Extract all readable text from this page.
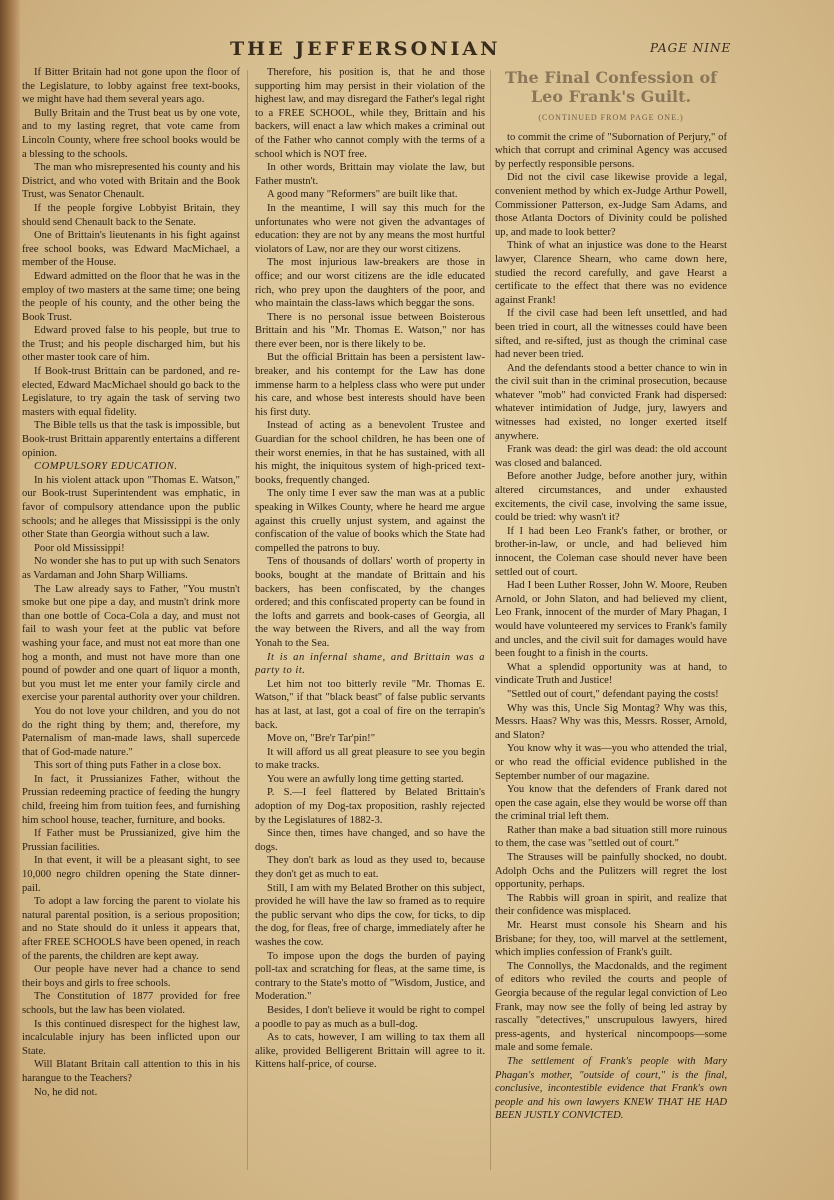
THE JEFFERSONIAN	PAGE NINE

If Bitter Britain had not gone upon the floor of the Legislature, to lobby against free text-books, we might have had them several years ago.

Bully Britain and the Trust beat us by one vote, and to my lasting regret, that vote came from Lincoln County, where free school books would be a blessing to the schools.

The man who misrepresented his county and his District, and who voted with Britain and the Book Trust, was Senator Chenault.

If the people forgive Lobbyist Britain, they should send Chenault back to the Senate.

One of Brittain's lieutenants in his fight against free school books, was Edward MacMichael, a member of the House.

Edward admitted on the floor that he was in the employ of two masters at the same time; one being the people of his county, and the other being the Book Trust.

Edward proved false to his people, but true to the Trust; and his people discharged him, but his other master took care of him.

If Book-trust Brittain can be pardoned, and re-elected, Edward MacMichael should go back to the Legislature, to try again the task of serving two masters with equal fidelity.

The Bible tells us that the task is impossible, but Book-trust Brittain apparently entertains a different opinion.

COMPULSORY EDUCATION.

In his violent attack upon "Thomas E. Watson," our Book-trust Superintendent was emphatic, in favor of compulsory attendance upon the public schools; and he alleges that Mississippi is the only other State than Georgia without such a law.

Poor old Mississippi!

No wonder she has to put up with such Senators as Vardaman and John Sharp Williams.

The Law already says to Father, "You mustn't smoke but one pipe a day, and mustn't drink more than one bottle of Coca-Cola a day, and must not fail to wash your feet at the public vat before washing your face, and must not eat more than one hog a month, and must not have more than one pound of powder and one quart of liquor a month, but you must let me enter your family circle and exercise your parental authority over your children.

You do not love your children, and you do not do the right thing by them; and, therefore, my Paternalism of man-made laws, shall supercede that of God-made nature."

This sort of thing puts Father in a close box.

In fact, it Prussianizes Father, without the Prussian redeeming practice of feeding the hungry child, freeing him from tuition fees, and furnishing him school house, teacher, furniture, and books.

If Father must be Prussianized, give him the Prussian facilities.

In that event, it will be a pleasant sight, to see 10,000 negro children opening the State dinner-pail.

To adopt a law forcing the parent to violate his natural parental position, is a serious proposition; and no State should do it unless it appears that, after FREE SCHOOLS have been opened, in reach of the parents, the children are kept away.

Our people have never had a chance to send their boys and girls to free schools.

The Constitution of 1877 provided for free schools, but the law has been violated.

Is this continued disrespect for the highest law, incalculable injury has been inflicted upon our State.

Will Blatant Britain call attention to this in his harangue to the Teachers?

No, he did not.

Therefore, his position is, that he and those supporting him may persist in their violation of the highest law, and may disregard the Father's legal right to a FREE SCHOOL, while they, Brittain and his backers, will enact a law which makes a criminal out of the Father who cannot comply with the terms of a school which is NOT free.

In other words, Brittain may violate the law, but Father mustn't.

A good many "Reformers" are built like that.

In the meantime, I will say this much for the unfortunates who were not given the advantages of education: they are not by any means the most hurtful violators of Law, nor are they our worst citizens.

The most injurious law-breakers are those in office; and our worst citizens are the idle educated rich, who prey upon the daughters of the poor, and who maintain the class-laws which beggar the sons.

There is no personal issue between Boisterous Brittain and his "Mr. Thomas E. Watson," nor has there ever been, nor is there likely to be.

But the official Brittain has been a persistent law-breaker, and his contempt for the Law has done immense harm to a helpless class who were put under his care, and whose best interests should have been his first duty.

Instead of acting as a benevolent Trustee and Guardian for the school children, he has been one of their worst enemies, in that he has sustained, with all his might, the iniquitous system of high-priced text-books, frequently changed.

The only time I ever saw the man was at a public speaking in Wilkes County, where he heard me argue against this cruelly unjust system, and against the confiscation of the value of books which the State had compelled the patrons to buy.

Tens of thousands of dollars' worth of property in books, bought at the mandate of Brittain and his backers, has been confiscated, by the changes ordered; and this confiscated property can be found in the lofts and garrets and book-cases of Georgia, all the way between the Rivers, and all the way from Yonah to the Sea.

It is an infernal shame, and Brittain was a party to it.

Let him not too bitterly revile "Mr. Thomas E. Watson," if that "black beast" of false public servants has at last, at last, got a coal of fire on the terrapin's back.

Move on, "Bre'r Tar'pin!"

It will afford us all great pleasure to see you begin to make tracks.

You were an awfully long time getting started.

P. S.—I feel flattered by Belated Brittain's adoption of my Dog-tax proposition, rashly rejected by the Legislatures of 1882-3.

Since then, times have changed, and so have the dogs.

They don't bark as loud as they used to, because they don't get as much to eat.

Still, I am with my Belated Brother on this subject, provided he will have the law so framed as to require the public servant who dips the cow, for ticks, to dip the dog, for fleas, free of charge, immediately after he washes the cow.

To impose upon the dogs the burden of paying poll-tax and scratching for fleas, at the same time, is contrary to the State's motto of "Wisdom, Justice, and Moderation."

Besides, I don't believe it would be right to compel a poodle to pay as much as a bull-dog.

As to cats, however, I am willing to tax them all alike, provided Belligerent Brittain will agree to it. Kittens half-price, of course.

The Final Confession of Leo Frank's Guilt.
(CONTINUED FROM PAGE ONE.)

to commit the crime of "Subornation of Perjury," of which that corrupt and criminal Agency was accused by perfectly responsible persons.

Did not the civil case likewise provide a legal, convenient method by which ex-Judge Arthur Powell, Commissioner Patterson, ex-Judge Sam Adams, and those Atlanta Doctors of Divinity could be polished up, and made to look better?

Think of what an injustice was done to the Hearst lawyer, Clarence Shearn, who came down here, studied the record carefully, and gave Hearst a certificate to the effect that there was no evidence against Frank!

If the civil case had been left unsettled, and had been tried in court, all the witnesses could have been sifted, and re-sifted, just as though the criminal case had never been tried.

And the defendants stood a better chance to win in the civil suit than in the criminal prosecution, because whatever "mob" had convicted Frank had dispersed: whatever intimidation of Judge, jury, lawyers and witnesses had existed, no longer exerted itself anywhere.

Frank was dead: the girl was dead: the old account was closed and balanced.

Before another Judge, before another jury, within altered circumstances, and under exhausted excitements, the civil case, involving the same issue, could be tried: why wasn't it?

If I had been Leo Frank's father, or brother, or brother-in-law, or uncle, and had believed him innocent, the Coleman case should never have been settled out of court.

Had I been Luther Rosser, John W. Moore, Reuben Arnold, or John Slaton, and had believed my client, Leo Frank, innocent of the murder of Mary Phagan, I would have volunteered my services to Frank's family and uncles, and the civil suit for damages would have been fought to a finish in the courts.

What a splendid opportunity was at hand, to vindicate Truth and Justice!

"Settled out of court," defendant paying the costs!

Why was this, Uncle Sig Montag? Why was this, Messrs. Haas? Why was this, Messrs. Rosser, Arnold, and Slaton?

You know why it was—you who attended the trial, or who read the official evidence published in the September number of our magazine.

You know that the defenders of Frank dared not open the case again, else they would be worse off than the criminal trial left them.

Rather than make a bad situation still more ruinous to them, the case was "settled out of court."

The Strauses will be painfully shocked, no doubt. Adolph Ochs and the Pulitzers will regret the lost opportunity, perhaps.

The Rabbis will groan in spirit, and realize that their confidence was misplaced.

Mr. Hearst must console his Shearn and his Brisbane; for they, too, will marvel at the settlement, which implies confession of Frank's guilt.

The Connollys, the Macdonalds, and the regiment of editors who reviled the courts and people of Georgia because of the regular legal conviction of Leo Frank, may now see the folly of being led astray by rascally "detectives," unscrupulous lawyers, hired press-agents, and hysterical nincompoops—some male and some female.

The settlement of Frank's people with Mary Phagan's mother, "outside of court," is the final, conclusive, incontestible evidence that Frank's own people and his own lawyers KNEW THAT HE HAD BEEN JUSTLY CONVICTED.
